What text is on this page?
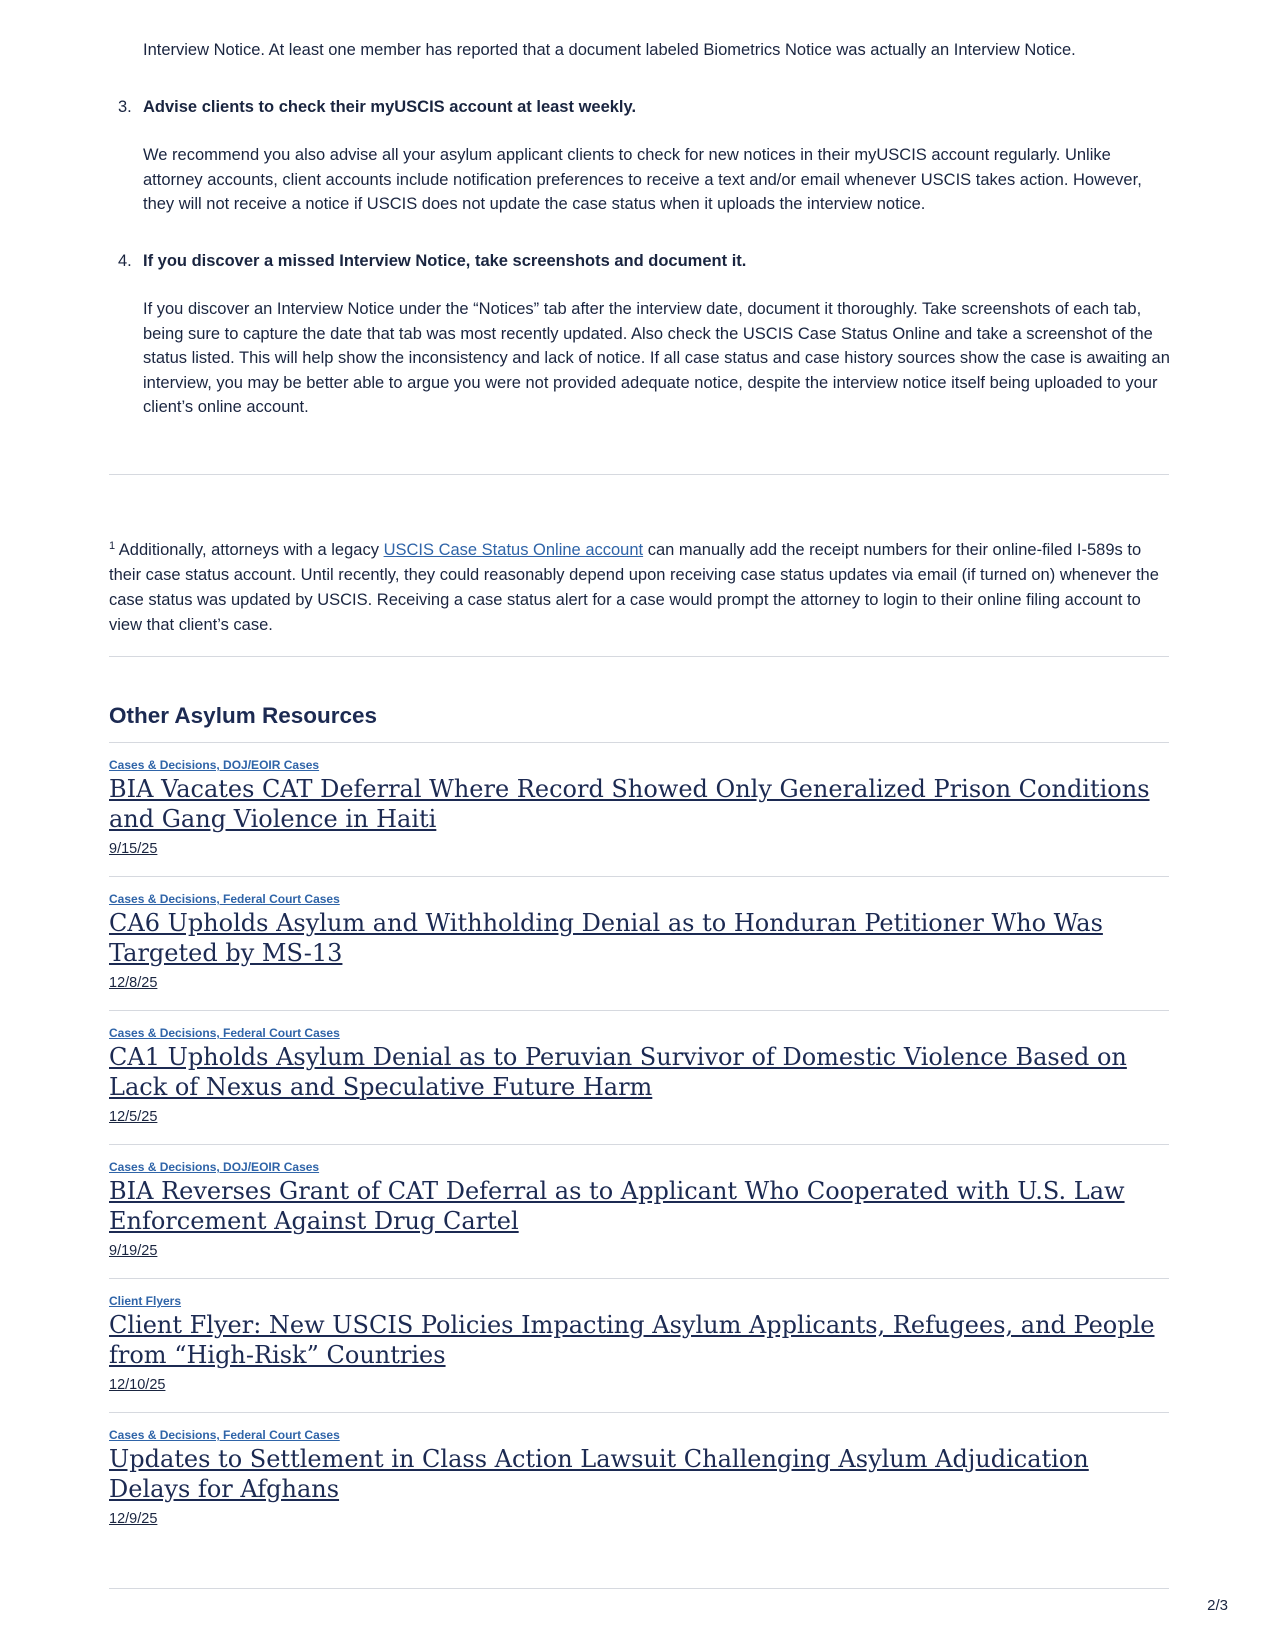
Interview Notice. At least one member has reported that a document labeled Biometrics Notice was actually an Interview Notice.

3. Advise clients to check their myUSCIS account at least weekly.

We recommend you also advise all your asylum applicant clients to check for new notices in their myUSCIS account regularly. Unlike attorney accounts, client accounts include notification preferences to receive a text and/or email whenever USCIS takes action. However, they will not receive a notice if USCIS does not update the case status when it uploads the interview notice.

4. If you discover a missed Interview Notice, take screenshots and document it.

If you discover an Interview Notice under the “Notices” tab after the interview date, document it thoroughly. Take screenshots of each tab, being sure to capture the date that tab was most recently updated. Also check the USCIS Case Status Online and take a screenshot of the status listed. This will help show the inconsistency and lack of notice. If all case status and case history sources show the case is awaiting an interview, you may be better able to argue you were not provided adequate notice, despite the interview notice itself being uploaded to your client’s online account.

$^1$ Additionally, attorneys with a legacy USCIS Case Status Online account can manually add the receipt numbers for their online-filed I-589s to their case status account. Until recently, they could reasonably depend upon receiving case status updates via email (if turned on) whenever the case status was updated by USCIS. Receiving a case status alert for a case would prompt the attorney to login to their online filing account to view that client’s case.

Other Asylum Resources
Cases & Decisions, DOJ/EOIR Cases
BIA Vacates CAT Deferral Where Record Showed Only Generalized Prison Conditions and Gang Violence in Haiti
9/15/25
Cases & Decisions, Federal Court Cases
CA6 Upholds Asylum and Withholding Denial as to Honduran Petitioner Who Was Targeted by MS-13
12/8/25
Cases & Decisions, Federal Court Cases
CA1 Upholds Asylum Denial as to Peruvian Survivor of Domestic Violence Based on Lack of Nexus and Speculative Future Harm
12/5/25
Cases & Decisions, DOJ/EOIR Cases
BIA Reverses Grant of CAT Deferral as to Applicant Who Cooperated with U.S. Law Enforcement Against Drug Cartel
9/19/25
Client Flyers
Client Flyer: New USCIS Policies Impacting Asylum Applicants, Refugees, and People from “High-Risk” Countries
12/10/25
Cases & Decisions, Federal Court Cases
Updates to Settlement in Class Action Lawsuit Challenging Asylum Adjudication Delays for Afghans
12/9/25
2/3
